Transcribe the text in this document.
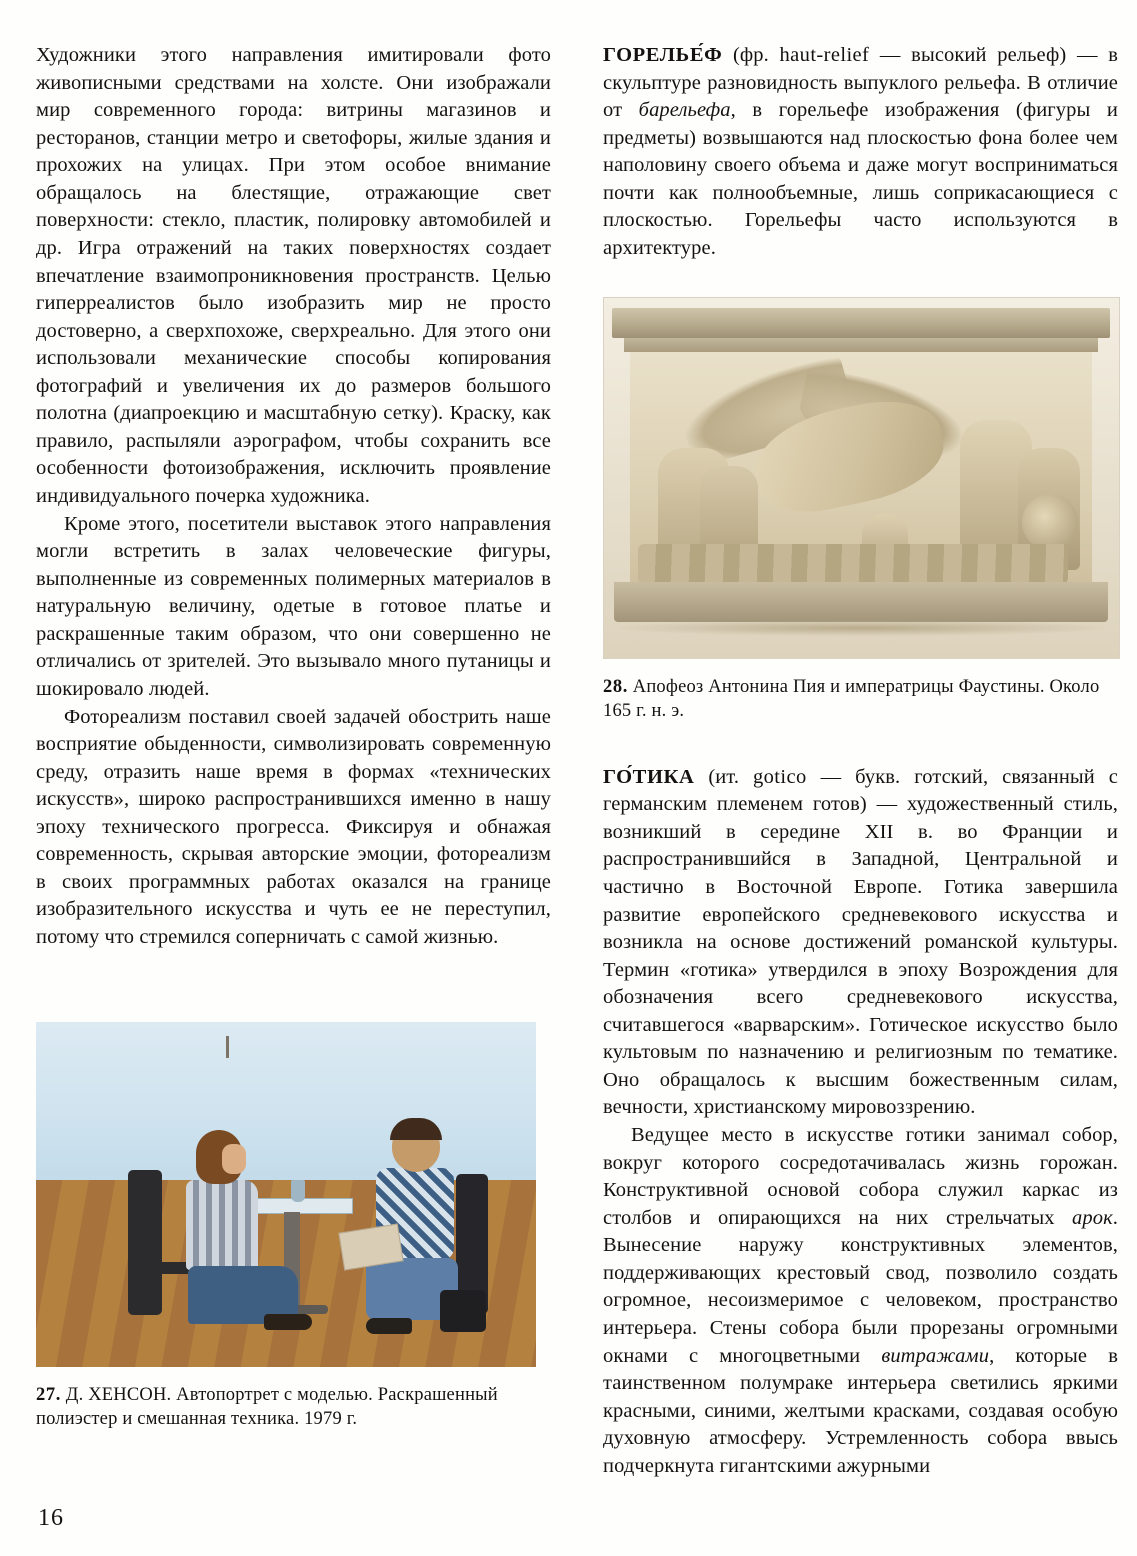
Художники этого направления имитировали фото живописными средствами на холсте. Они изображали мир современного города: витрины магазинов и ресторанов, станции метро и светофоры, жилые здания и прохожих на улицах. При этом особое внимание обращалось на блестящие, отражающие свет поверхности: стекло, пластик, полировку автомобилей и др. Игра отражений на таких поверхностях создает впечатление взаимопроникновения пространств. Целью гиперреалистов было изобразить мир не просто достоверно, а сверхпохоже, сверхреально. Для этого они использовали механические способы копирования фотографий и увеличения их до размеров большого полотна (диапроекцию и масштабную сетку). Краску, как правило, распыляли аэрографом, чтобы сохранить все особенности фотоизображения, исключить проявление индивидуального почерка художника.

Кроме этого, посетители выставок этого направления могли встретить в залах человеческие фигуры, выполненные из современных полимерных материалов в натуральную величину, одетые в готовое платье и раскрашенные таким образом, что они совершенно не отличались от зрителей. Это вызывало много путаницы и шокировало людей.

Фотореализм поставил своей задачей обострить наше восприятие обыденности, символизировать современную среду, отразить наше время в формах «технических искусств», широко распространившихся именно в нашу эпоху технического прогресса. Фиксируя и обнажая современность, скрывая авторские эмоции, фотореализм в своих программных работах оказался на границе изобразительного искусства и чуть ее не переступил, потому что стремился соперничать с самой жизнью.

27. Д. ХЕНСОН. Автопортрет с моделью. Раскрашенный полиэстер и смешанная техника. 1979 г.

ГОРЕЛЬЕ́Ф (фр. haut-relief — высокий рельеф) — в скульптуре разновидность выпуклого рельефа. В отличие от барельефа, в горельефе изображения (фигуры и предметы) возвышаются над плоскостью фона более чем наполовину своего объема и даже могут восприниматься почти как полнообъемные, лишь соприкасающиеся с плоскостью. Горельефы часто используются в архитектуре.

28. Апофеоз Антонина Пия и императрицы Фаустины. Около 165 г. н. э.

ГО́ТИКА (ит. gotico — букв. готский, связанный с германским племенем готов) — художественный стиль, возникший в середине XII в. во Франции и распространившийся в Западной, Центральной и частично в Восточной Европе. Готика завершила развитие европейского средневекового искусства и возникла на основе достижений романской культуры. Термин «готика» утвердился в эпоху Возрождения для обозначения всего средневекового искусства, считавшегося «варварским». Готическое искусство было культовым по назначению и религиозным по тематике. Оно обращалось к высшим божественным силам, вечности, христианскому мировоззрению.

Ведущее место в искусстве готики занимал собор, вокруг которого сосредотачивалась жизнь горожан. Конструктивной основой собора служил каркас из столбов и опирающихся на них стрельчатых арок. Вынесение наружу конструктивных элементов, поддерживающих крестовый свод, позволило создать огромное, несоизмеримое с человеком, пространство интерьера. Стены собора были прорезаны огромными окнами с многоцветными витражами, которые в таинственном полумраке интерьера светились яркими красными, синими, желтыми красками, создавая особую духовную атмосферу. Устремленность собора ввысь подчеркнута гигантскими ажурными

16
